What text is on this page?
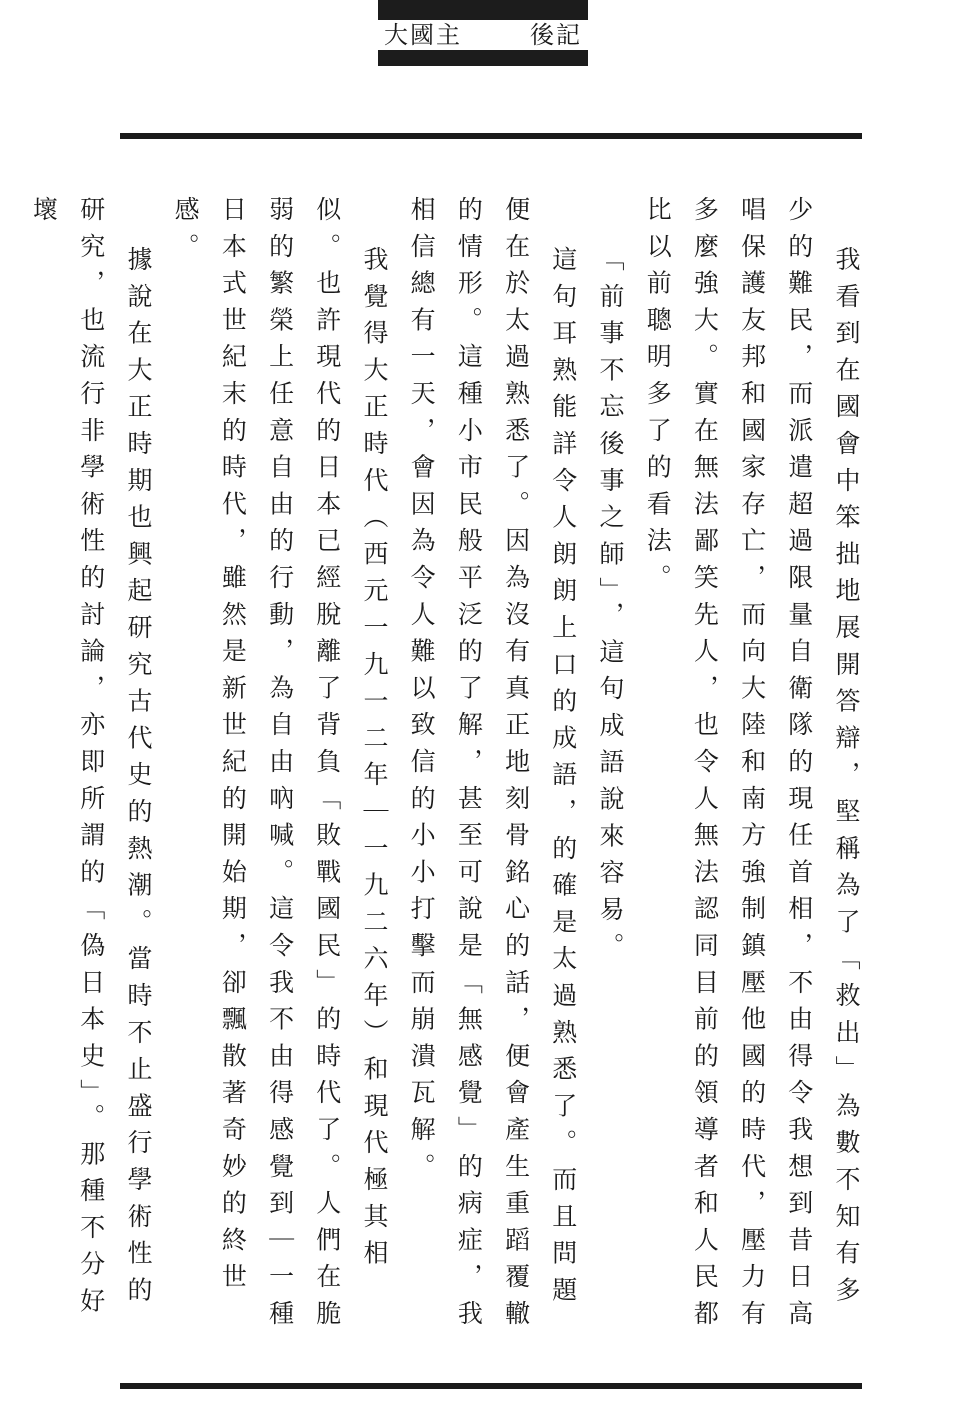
大國主	後記

我看到在國會中笨拙地展開答辯，堅稱為了「救出」為數不知有多少的難民，而派遣超過限量自衛隊的現任首相，不由得令我想到昔日高唱保護友邦和國家存亡，而向大陸和南方強制鎮壓他國的時代，壓力有多麼強大。實在無法鄙笑先人，也令人無法認同目前的領導者和人民都比以前聰明多了的看法。

「前事不忘後事之師」，這句成語說來容易。

這句耳熟能詳令人朗朗上口的成語，的確是太過熟悉了。而且問題便在於太過熟悉了。因為沒有真正地刻骨銘心的話，便會產生重蹈覆轍的情形。這種小市民般平泛的了解，甚至可說是「無感覺」的病症，我相信總有一天，會因為令人難以致信的小小打擊而崩潰瓦解。

我覺得大正時代（西元一九一二年｜一九二六年）和現代極其相似。也許現代的日本已經脫離了背負「敗戰國民」的時代了。人們在脆弱的繁榮上任意自由的行動，為自由吶喊。這令我不由得感覺到｜一種日本式世紀末的時代，雖然是新世紀的開始期，卻飄散著奇妙的終世感。

據說在大正時期也興起研究古代史的熱潮。當時不止盛行學術性的研究，也流行非學術性的討論，亦即所謂的「偽日本史」。那種不分好壞
